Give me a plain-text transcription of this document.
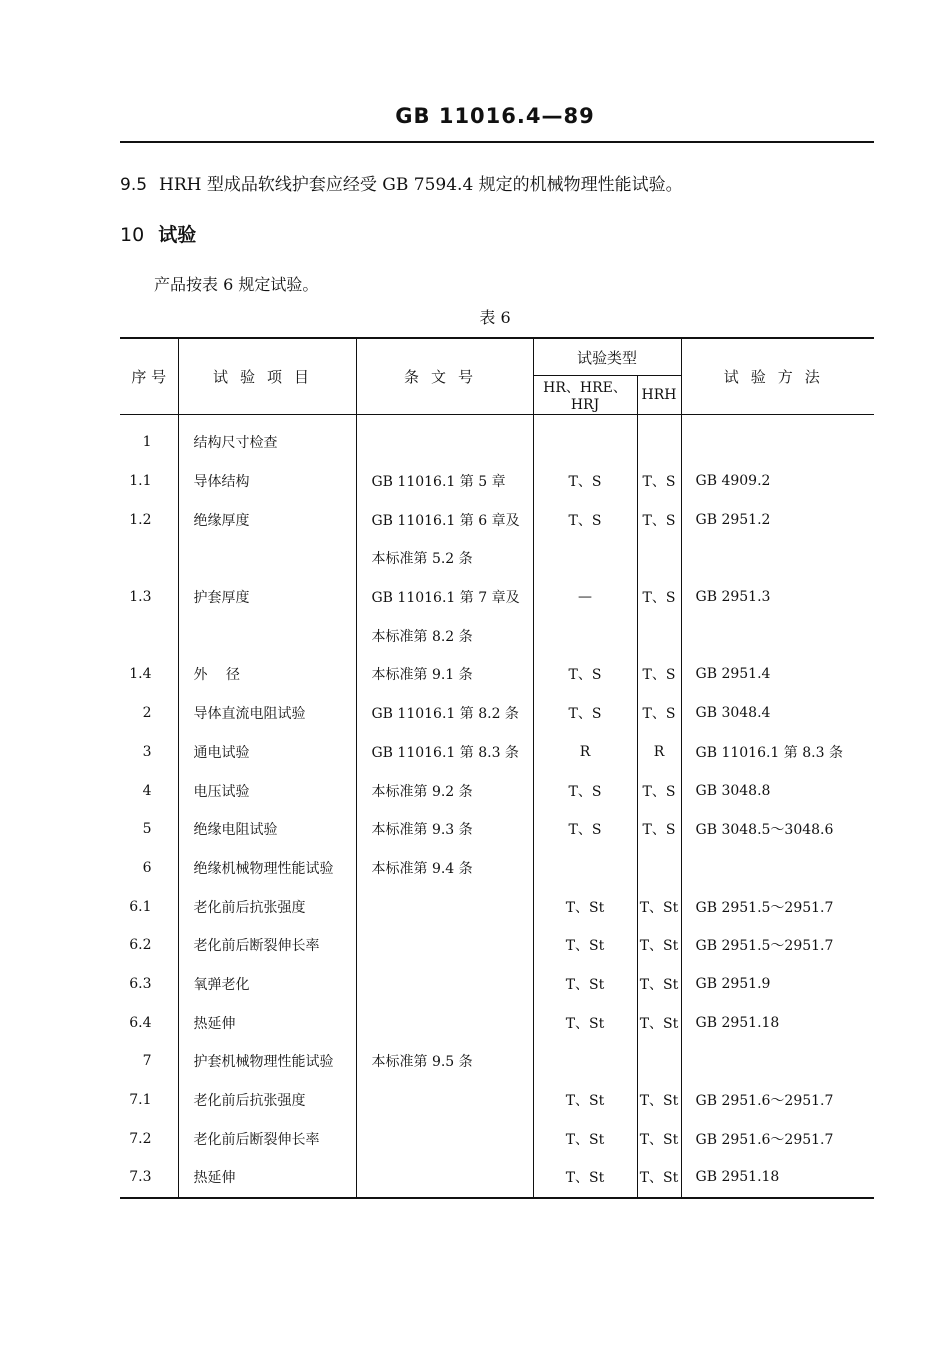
GB 11016.4—89
9.5 HRH 型成品软线护套应经受 GB 7594.4 规定的机械物理性能试验。
10 试验
产品按表 6 规定试验。
表 6
序 号	试验项目	条文号	试验类型		试验方法
			HR、HRE、HRJ	HRH	
1	结构尺寸检查				
1.1	导体结构	GB 11016.1 第 5 章	T、S	T、S	GB 4909.2
1.2	绝缘厚度	GB 11016.1 第 6 章及	T、S	T、S	GB 2951.2
		本标准第 5.2 条			
1.3	护套厚度	GB 11016.1 第 7 章及	—	T、S	GB 2951.3
		本标准第 8.2 条			
1.4	外　 径	本标准第 9.1 条	T、S	T、S	GB 2951.4
2	导体直流电阻试验	GB 11016.1 第 8.2 条	T、S	T、S	GB 3048.4
3	通电试验	GB 11016.1 第 8.3 条	R	R	GB 11016.1 第 8.3 条
4	电压试验	本标准第 9.2 条	T、S	T、S	GB 3048.8
5	绝缘电阻试验	本标准第 9.3 条	T、S	T、S	GB 3048.5～3048.6
6	绝缘机械物理性能试验	本标准第 9.4 条			
6.1	老化前后抗张强度		T、St	T、St	GB 2951.5～2951.7
6.2	老化前后断裂伸长率		T、St	T、St	GB 2951.5～2951.7
6.3	氧弹老化		T、St	T、St	GB 2951.9
6.4	热延伸		T、St	T、St	GB 2951.18
7	护套机械物理性能试验	本标准第 9.5 条			
7.1	老化前后抗张强度		T、St	T、St	GB 2951.6～2951.7
7.2	老化前后断裂伸长率		T、St	T、St	GB 2951.6～2951.7
7.3	热延伸		T、St	T、St	GB 2951.18
